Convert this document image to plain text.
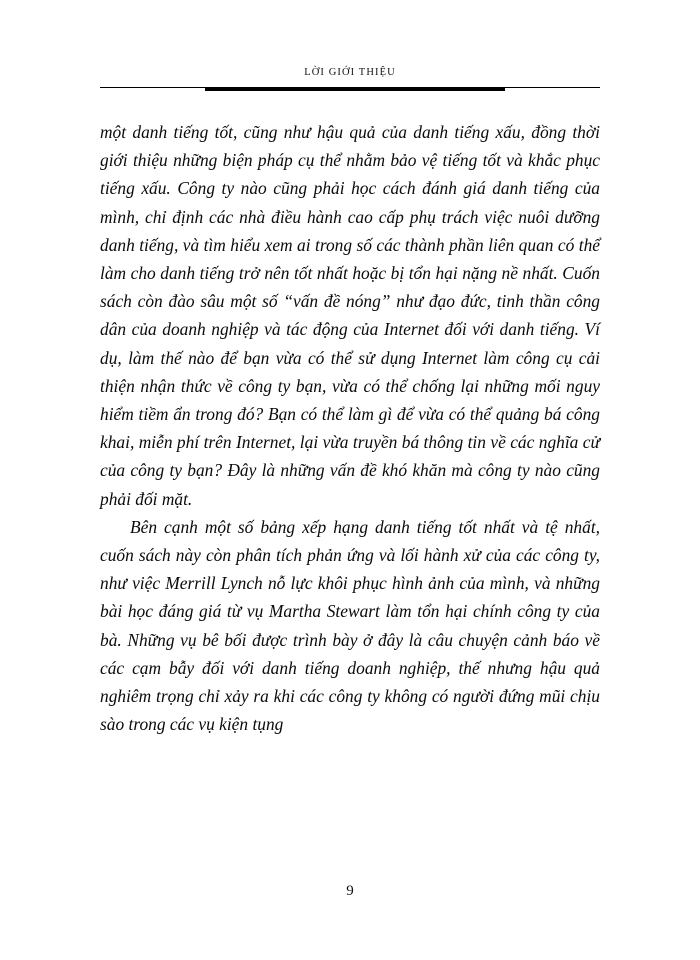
LỜI GIỚI THIỆU

một danh tiếng tốt, cũng như hậu quả của danh tiếng xấu, đồng thời giới thiệu những biện pháp cụ thể nhằm bảo vệ tiếng tốt và khắc phục tiếng xấu. Công ty nào cũng phải học cách đánh giá danh tiếng của mình, chỉ định các nhà điều hành cao cấp phụ trách việc nuôi dưỡng danh tiếng, và tìm hiểu xem ai trong số các thành phần liên quan có thể làm cho danh tiếng trở nên tốt nhất hoặc bị tổn hại nặng nề nhất. Cuốn sách còn đào sâu một số “vấn đề nóng” như đạo đức, tinh thần công dân của doanh nghiệp và tác động của Internet đối với danh tiếng. Ví dụ, làm thế nào để bạn vừa có thể sử dụng Internet làm công cụ cải thiện nhận thức về công ty bạn, vừa có thể chống lại những mối nguy hiểm tiềm ẩn trong đó? Bạn có thể làm gì để vừa có thể quảng bá công khai, miễn phí trên Internet, lại vừa truyền bá thông tin về các nghĩa cử của công ty bạn? Đây là những vấn đề khó khăn mà công ty nào cũng phải đối mặt.

Bên cạnh một số bảng xếp hạng danh tiếng tốt nhất và tệ nhất, cuốn sách này còn phân tích phản ứng và lối hành xử của các công ty, như việc Merrill Lynch nỗ lực khôi phục hình ảnh của mình, và những bài học đáng giá từ vụ Martha Stewart làm tổn hại chính công ty của bà. Những vụ bê bối được trình bày ở đây là câu chuyện cảnh báo về các cạm bẫy đối với danh tiếng doanh nghiệp, thế nhưng hậu quả nghiêm trọng chỉ xảy ra khi các công ty không có người đứng mũi chịu sào trong các vụ kiện tụng

9
